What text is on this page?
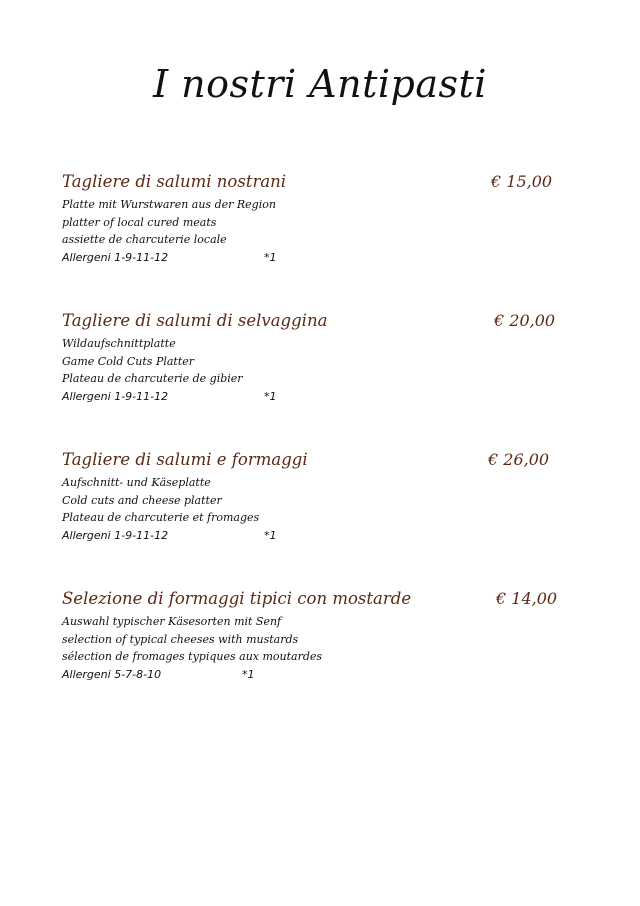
I nostri Antipasti
Tagliere di salumi nostrani	€ 15,00
Platte mit Wurstwaren aus der Region
platter of local cured meats
assiette de charcuterie locale
Allergeni 1-9-11-12	*1
Tagliere di salumi di selvaggina	€ 20,00
Wildaufschnittplatte
Game Cold Cuts Platter
Plateau de charcuterie de gibier
Allergeni 1-9-11-12	*1
Tagliere di salumi e formaggi	€ 26,00
Aufschnitt- und Käseplatte
Cold cuts and cheese platter
Plateau de charcuterie et fromages
Allergeni 1-9-11-12	*1
Selezione di formaggi tipici con mostarde	€ 14,00
Auswahl typischer Käsesorten mit Senf
selection of typical cheeses with mustards
sélection de fromages typiques aux moutardes
Allergeni 5-7-8-10	*1
